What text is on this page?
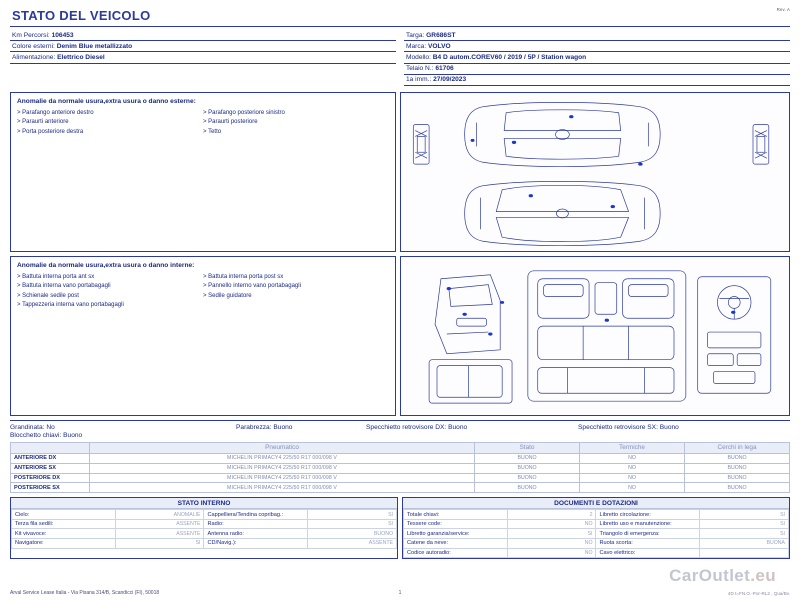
Rev. A
STATO DEL VEICOLO
Km Percorsi: 106453
Colore esterni: Denim Blue metallizzato
Alimentazione: Elettrico Diesel
Targa: GR686ST
Marca: VOLVO
Modello: B4 D autom.COREV60 / 2019 / 5P / Station wagon
Telaio N.: 61706
1a imm.: 27/09/2023
Anomalie da normale usura,extra usura o danno esterne:
> Parafango anteriore destro
> Paraurti anteriore
> Porta posteriore destra
> Parafango posteriore sinistro
> Paraurti posteriore
> Tetto
Anomalie da normale usura,extra usura o danno interne:
> Battuta interna porta ant sx
> Battuta interna vano portabagagli
> Schienale sedile post
> Tappezzeria interna vano portabagagli
> Battuta interna porta post sx
> Pannello interno vano portabagagli
> Sedile guidatore
Grandinata: No	Parabrezza: Buono	Specchietto retrovisore DX: Buono	Specchietto retrovisore SX: Buono
Blocchetto chiavi: Buono
	Pneumatico	Stato	Termiche	Cerchi in lega
ANTERIORE DX	MICHELIN PRIMACY4 225/50 R17 000/098 V	BUONO	NO	BUONO
ANTERIORE SX	MICHELIN PRIMACY4 225/50 R17 000/098 V	BUONO	NO	BUONO
POSTERIORE DX	MICHELIN PRIMACY4 225/50 R17 000/098 V	BUONO	NO	BUONO
POSTERIORE SX	MICHELIN PRIMACY4 225/50 R17 000/098 V	BUONO	NO	BUONO
STATO INTERNO
Cielo:	ANOMALIE	Cappelliera/Tendina copribag.:	SI
Terza fila sedili:	ASSENTE	Radio:	SI
Kit vivavoce:	ASSENTE	Antenna radio:	BUONO
Navigatore:	SI	CD/Navig.):	ASSENTE
DOCUMENTI E DOTAZIONI
Totale chiavi:	2	Libretto circolazione:	SI
Tessere code:	NO	Libretto uso e manutenzione:	SI
Libretto garanzia/service:	SI	Triangolo di emergenza:	SI
Catene da neve:	NO	Ruota scorta:	BUONA
Codice autoradio:	NO	Cavo elettrico:	
CarOutlet.eu
Arval Service Lease Italia - Via Pisana 314/B, Scandicci (FI), 50018	1	4D t=FN.O.-Por-RL2 , Qua/Bv.
